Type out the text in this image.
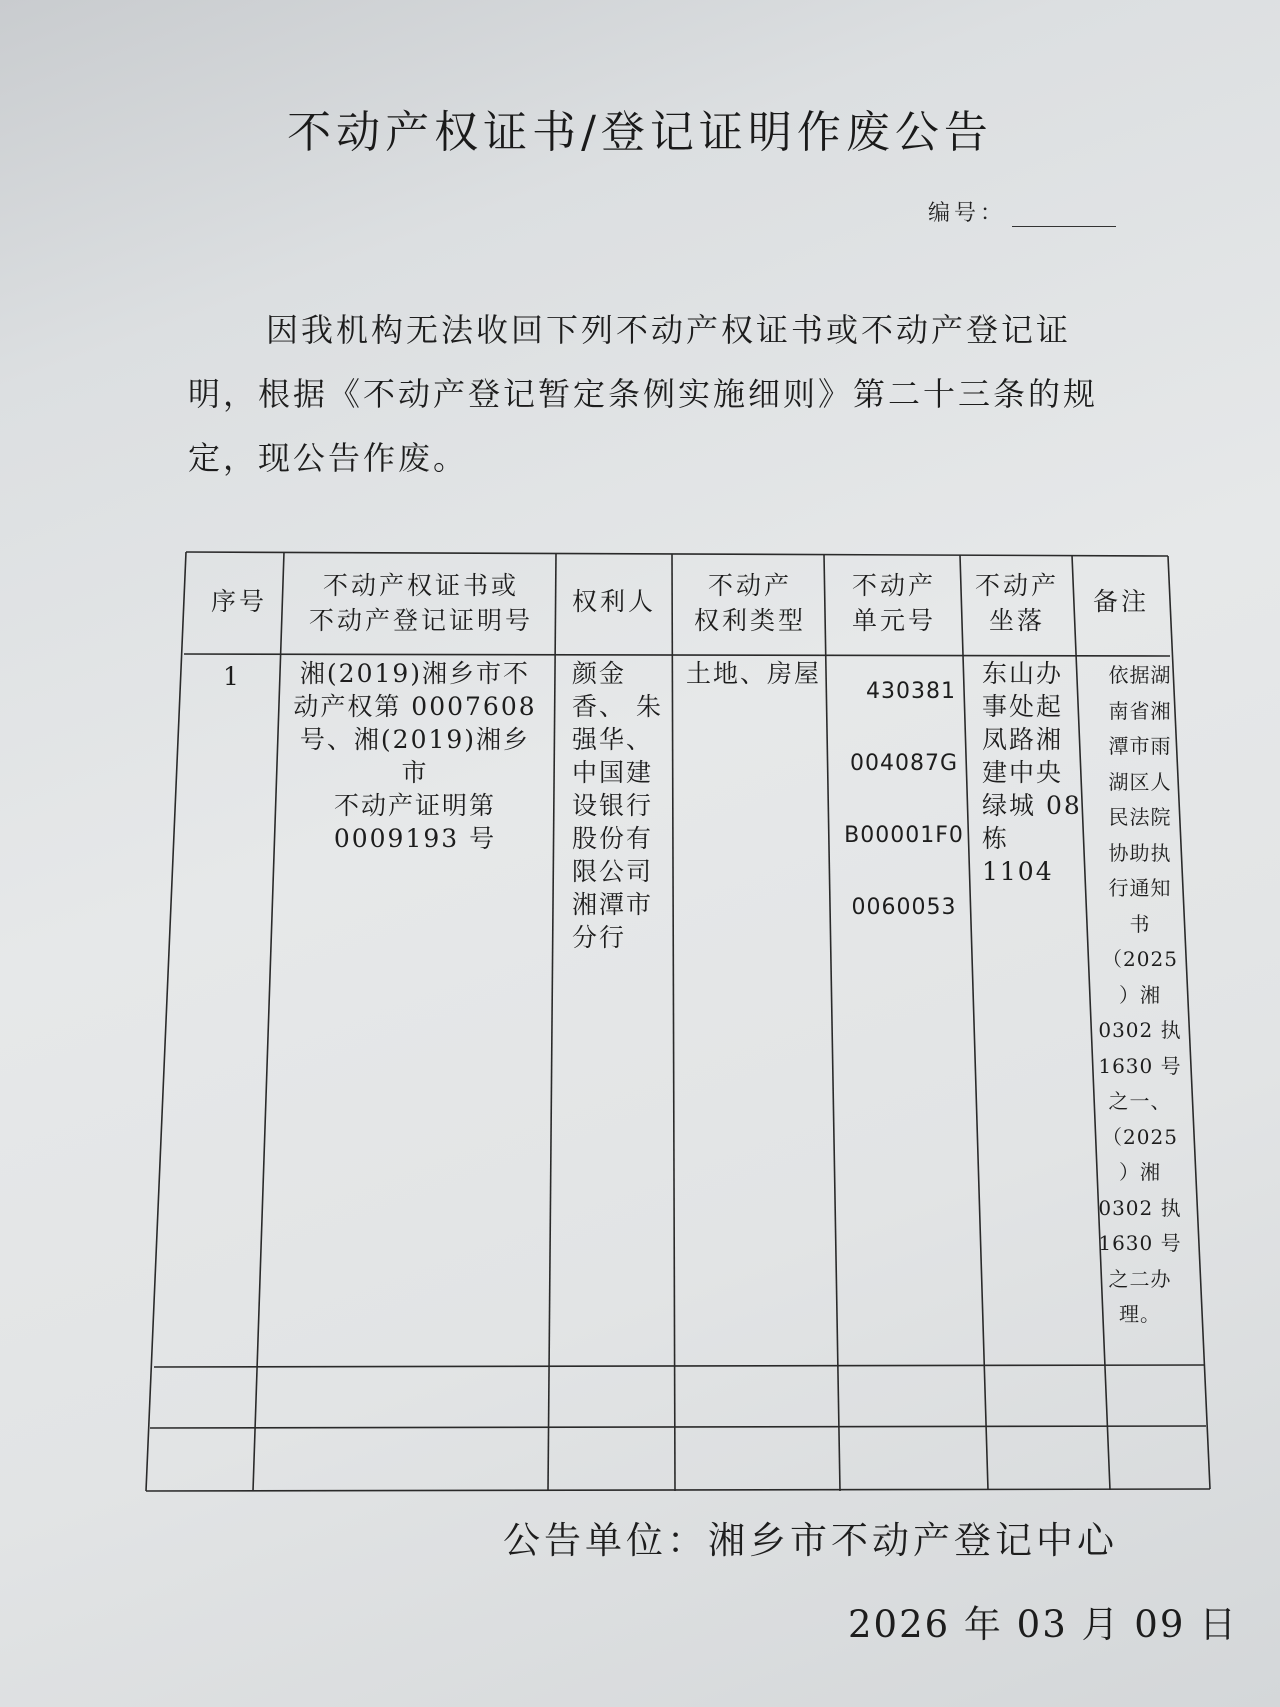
不动产权证书/登记证明作废公告
编号：
因我机构无法收回下列不动产权证书或不动产登记证
明，根据《不动产登记暂定条例实施细则》第二十三条的规
定，现公告作废。
序号
不动产权证书或
不动产登记证明号
权利人
不动产
权利类型
不动产
单元号
不动产
坐落
备注
1	湘(2019)湘乡市不
动产权第 0007608
号、湘(2019)湘乡市
不动产证明第
0009193 号
颜金
香、 朱
强华、
中国建
设银行
股份有
限公司
湘潭市
分行
土地、房屋
430381
004087G
B00001F0
0060053
东山办
事处起
凤路湘
建中央
绿城 08
栋 1104
依据湖
南省湘
潭市雨
湖区人
民法院
协助执
行通知
书
（2025
）湘
0302 执
1630 号
之一、
（2025
）湘
0302 执
1630 号
之二办
理。
公告单位：湘乡市不动产登记中心
2026 年 03 月 09 日
